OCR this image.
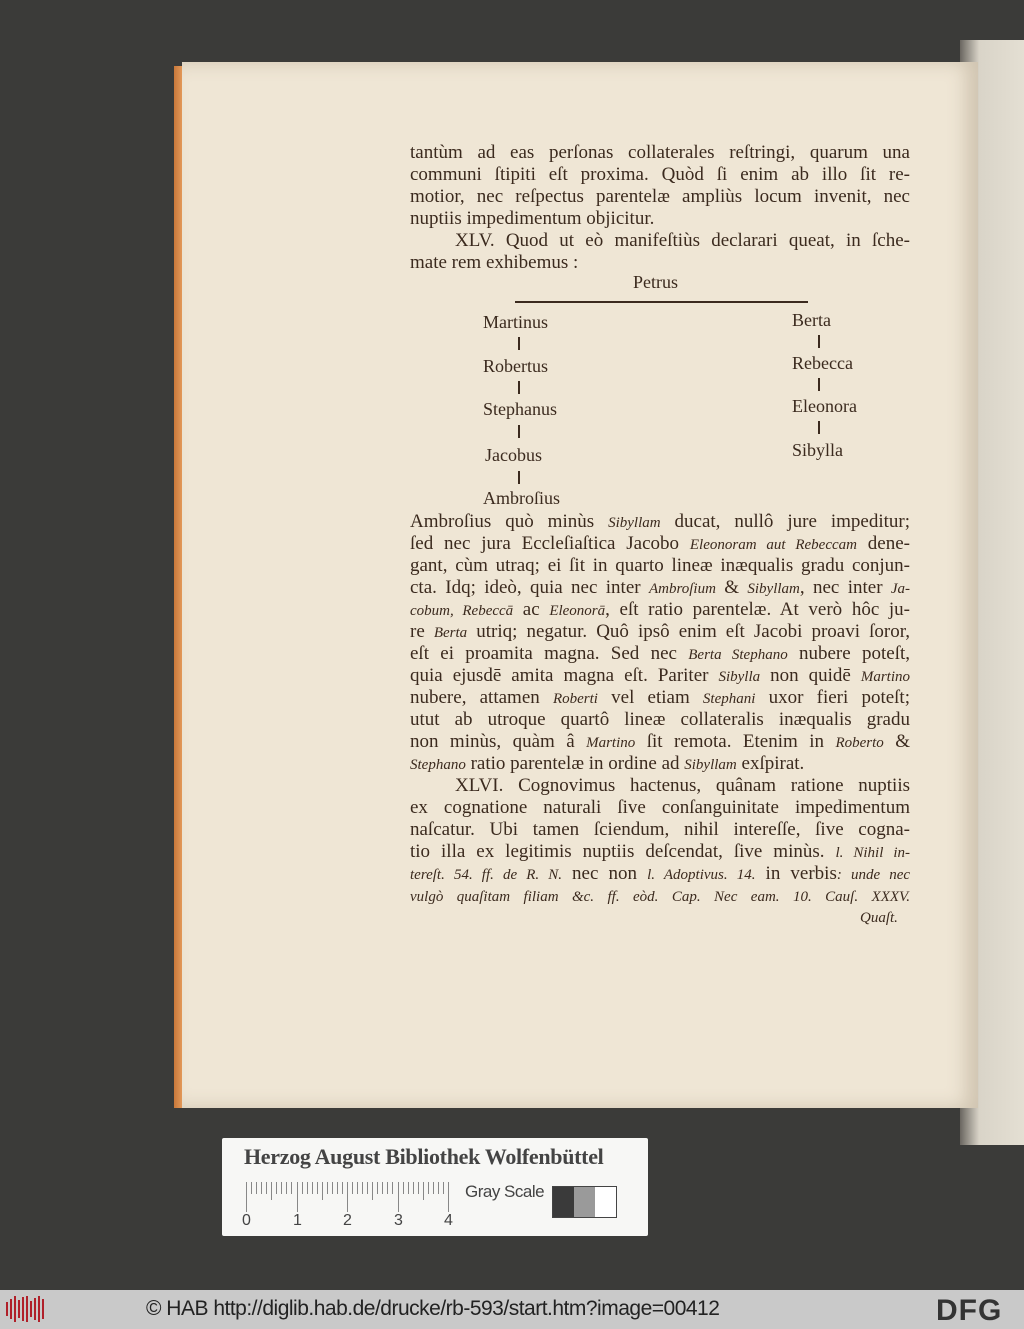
tantùm ad eas perſonas collaterales reſtringi, quarum una
communi ſtipiti eſt proxima. Quòd ſi enim ab illo ſit re-
motior, nec reſpectus parentelæ ampliùs locum invenit, nec
nuptiis impedimentum objicitur.
XLV. Quod ut eò manifeſtiùs declarari queat, in ſche-
mate rem exhibemus :
Ambroſius quò minùs Sibyllam ducat, nullô jure impeditur;
ſed nec jura Eccleſiaſtica Jacobo Eleonoram aut Rebeccam dene-
gant, cùm utraq; ei ſit in quarto lineæ inæqualis gradu conjun-
cta. Idq; ideò, quia nec inter Ambroſium & Sibyllam, nec inter Ja-
cobum, Rebeccā ac Eleonorā, eſt ratio parentelæ. At verò hôc ju-
re Berta utriq; negatur. Quô ipsô enim eſt Jacobi proavi ſoror,
eſt ei proamita magna. Sed nec Berta Stephano nubere poteſt,
quia ejusdē amita magna eſt. Pariter Sibylla non quidē Martino
nubere, attamen Roberti vel etiam Stephani uxor fieri poteſt;
utut ab utroque quartô lineæ collateralis inæqualis gradu
non minùs, quàm â Martino ſit remota. Etenim in Roberto &
Stephano ratio parentelæ in ordine ad Sibyllam exſpirat.
XLVI. Cognovimus hactenus, quânam ratione nuptiis
ex cognatione naturali ſive conſanguinitate impedimentum
naſcatur. Ubi tamen ſciendum, nihil intereſſe, ſive cogna-
tio illa ex legitimis nuptiis deſcendat, ſive minùs. l. Nihil in-
tereſt. 54. ff. de R. N. nec non l. Adoptivus. 14. in verbis: unde nec
vulgò quaſitam filiam &c. ff. eòd. Cap. Nec eam. 10. Cauſ. XXXV.
Petrus
Martinus
Robertus
Stephanus
Jacobus
Ambroſius
Berta
Rebecca
Eleonora
Sibylla
Quaſt.
Herzog August Bibliothek Wolfenbüttel
0	1	2	3	4
Gray Scale
© HAB http://diglib.hab.de/drucke/rb-593/start.htm?image=00412	DFG
